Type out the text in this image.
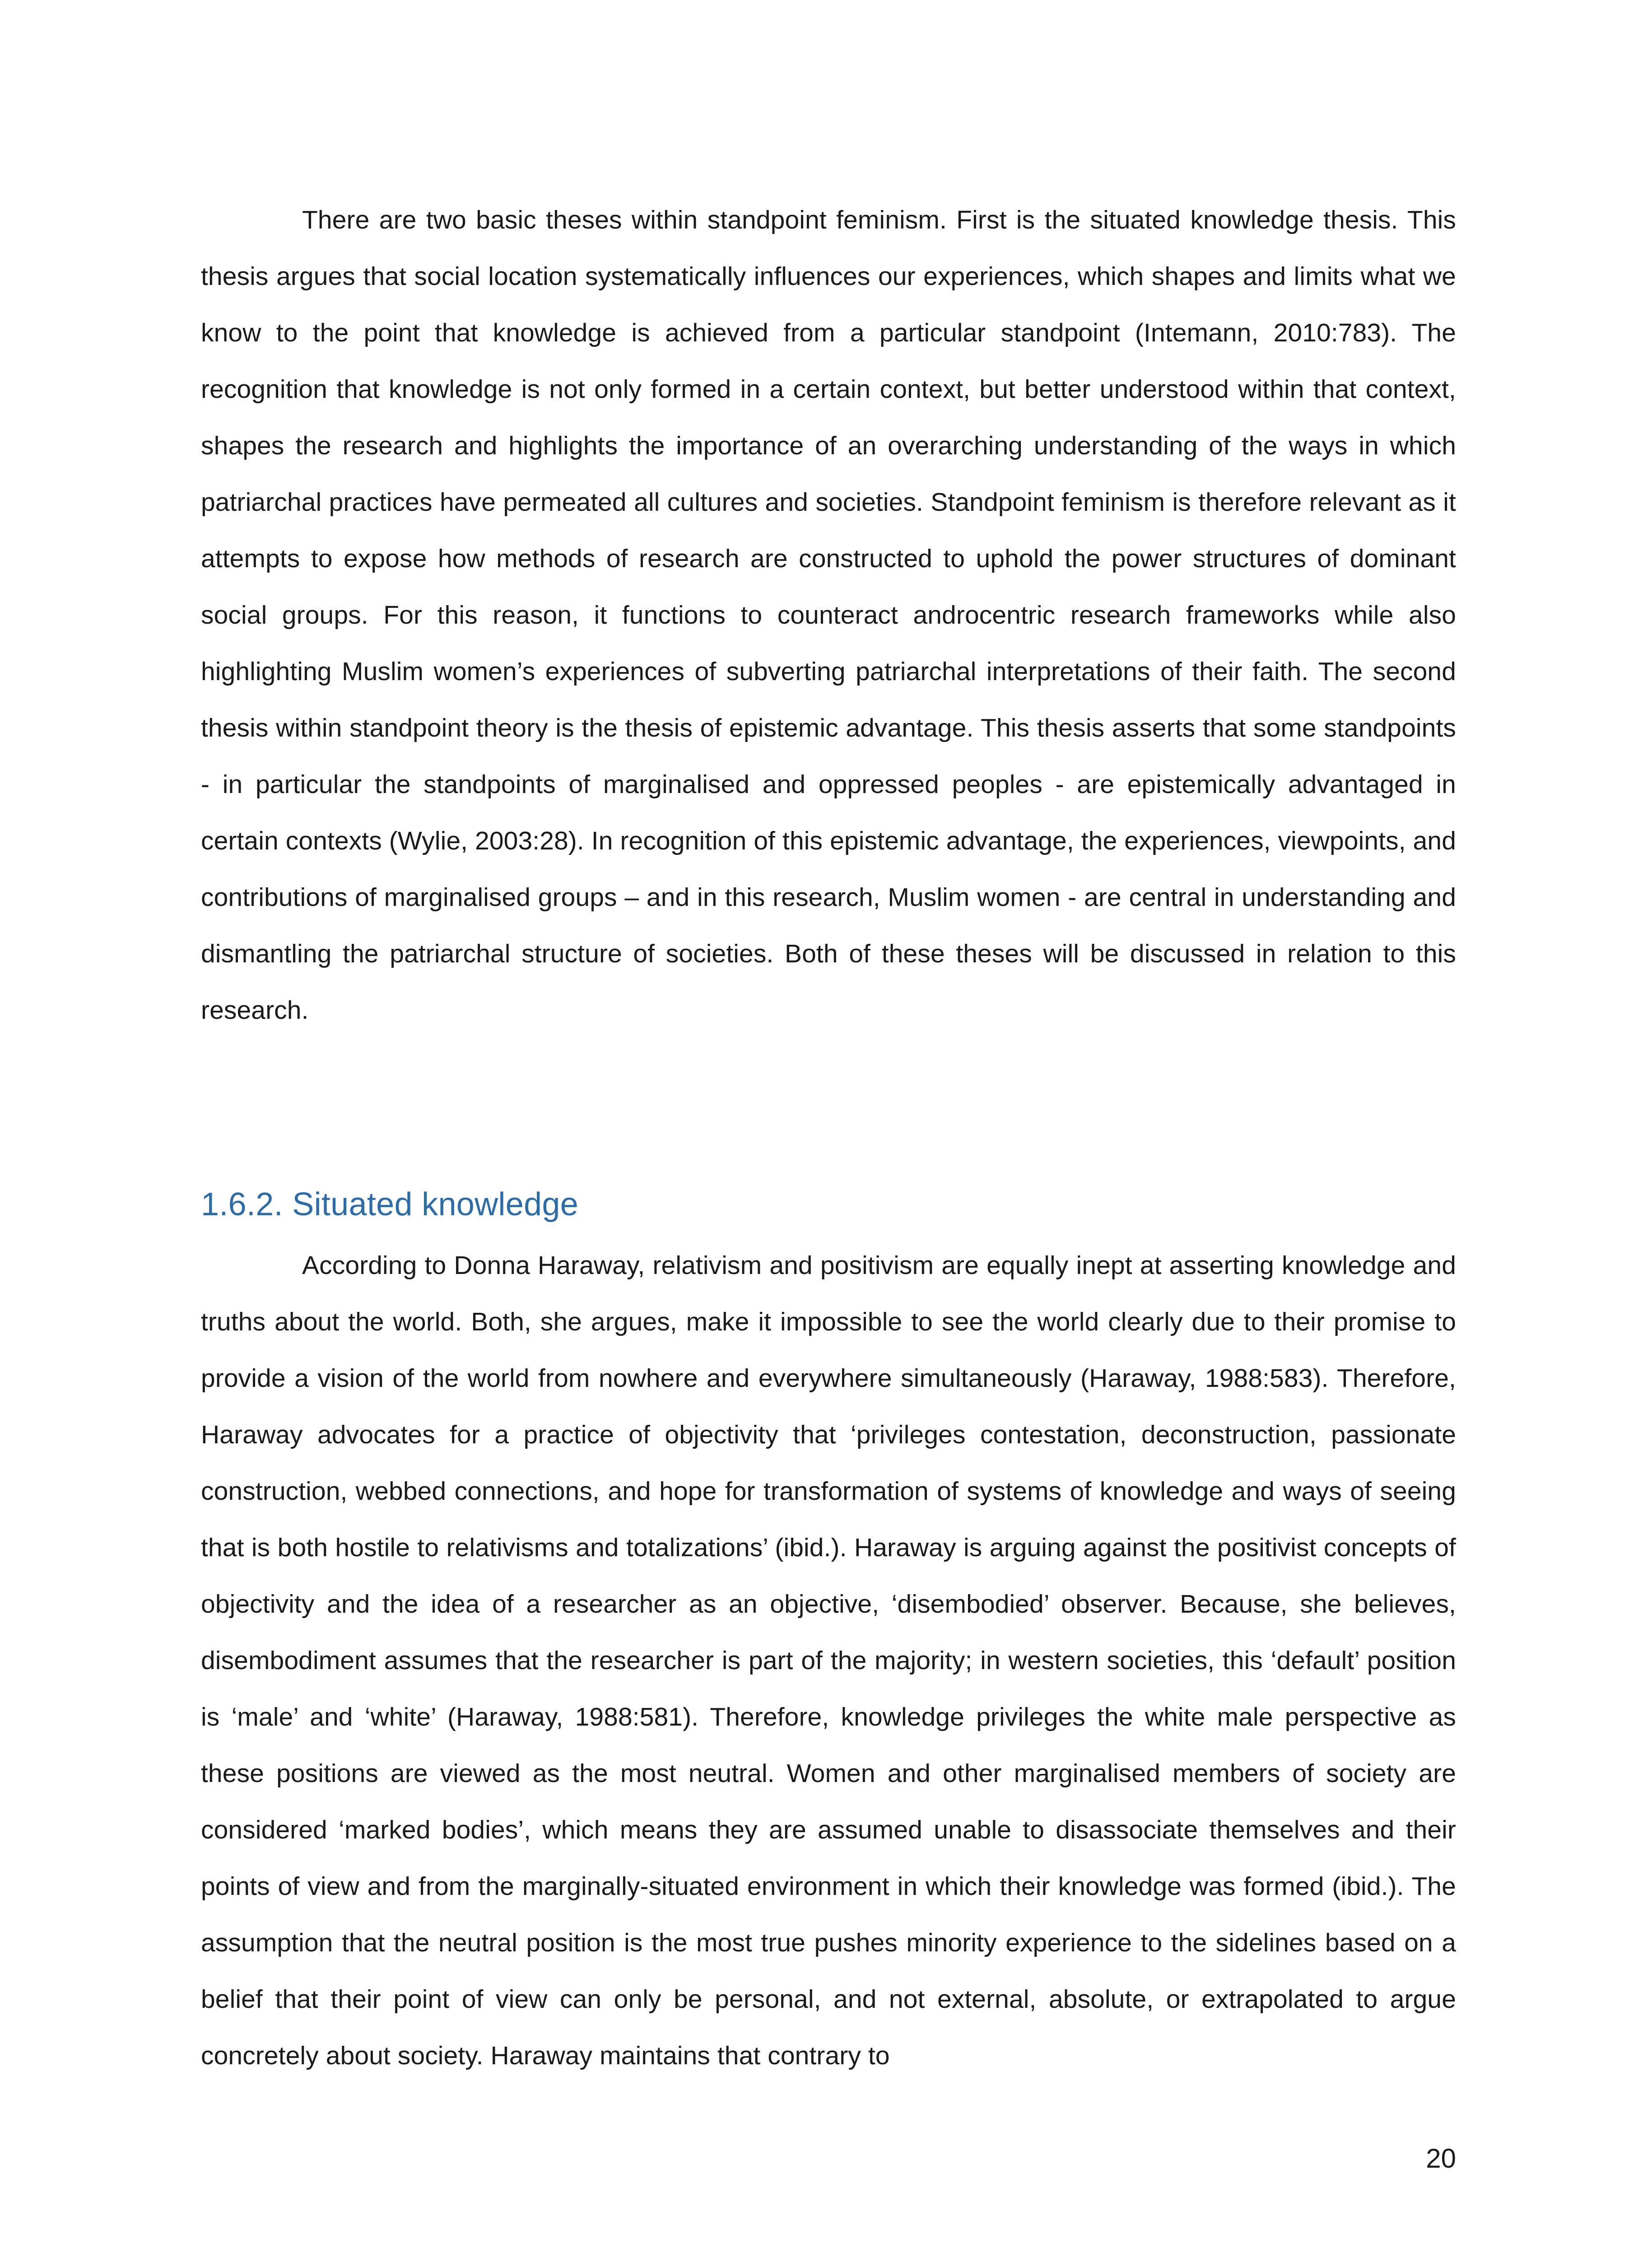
There are two basic theses within standpoint feminism. First is the situated knowledge thesis. This thesis argues that social location systematically influences our experiences, which shapes and limits what we know to the point that knowledge is achieved from a particular standpoint (Intemann, 2010:783). The recognition that knowledge is not only formed in a certain context, but better understood within that context, shapes the research and highlights the importance of an overarching understanding of the ways in which patriarchal practices have permeated all cultures and societies. Standpoint feminism is therefore relevant as it attempts to expose how methods of research are constructed to uphold the power structures of dominant social groups. For this reason, it functions to counteract androcentric research frameworks while also highlighting Muslim women’s experiences of subverting patriarchal interpretations of their faith. The second thesis within standpoint theory is the thesis of epistemic advantage. This thesis asserts that some standpoints - in particular the standpoints of marginalised and oppressed peoples - are epistemically advantaged in certain contexts (Wylie, 2003:28). In recognition of this epistemic advantage, the experiences, viewpoints, and contributions of marginalised groups – and in this research, Muslim women - are central in understanding and dismantling the patriarchal structure of societies. Both of these theses will be discussed in relation to this research.

1.6.2. Situated knowledge

According to Donna Haraway, relativism and positivism are equally inept at asserting knowledge and truths about the world. Both, she argues, make it impossible to see the world clearly due to their promise to provide a vision of the world from nowhere and everywhere simultaneously (Haraway, 1988:583). Therefore, Haraway advocates for a practice of objectivity that ‘privileges contestation, deconstruction, passionate construction, webbed connections, and hope for transformation of systems of knowledge and ways of seeing that is both hostile to relativisms and totalizations’ (ibid.). Haraway is arguing against the positivist concepts of objectivity and the idea of a researcher as an objective, ‘disembodied’ observer. Because, she believes, disembodiment assumes that the researcher is part of the majority; in western societies, this ‘default’ position is ‘male’ and ‘white’ (Haraway, 1988:581). Therefore, knowledge privileges the white male perspective as these positions are viewed as the most neutral. Women and other marginalised members of society are considered ‘marked bodies’, which means they are assumed unable to disassociate themselves and their points of view and from the marginally-situated environment in which their knowledge was formed (ibid.). The assumption that the neutral position is the most true pushes minority experience to the sidelines based on a belief that their point of view can only be personal, and not external, absolute, or extrapolated to argue concretely about society. Haraway maintains that contrary to

20
